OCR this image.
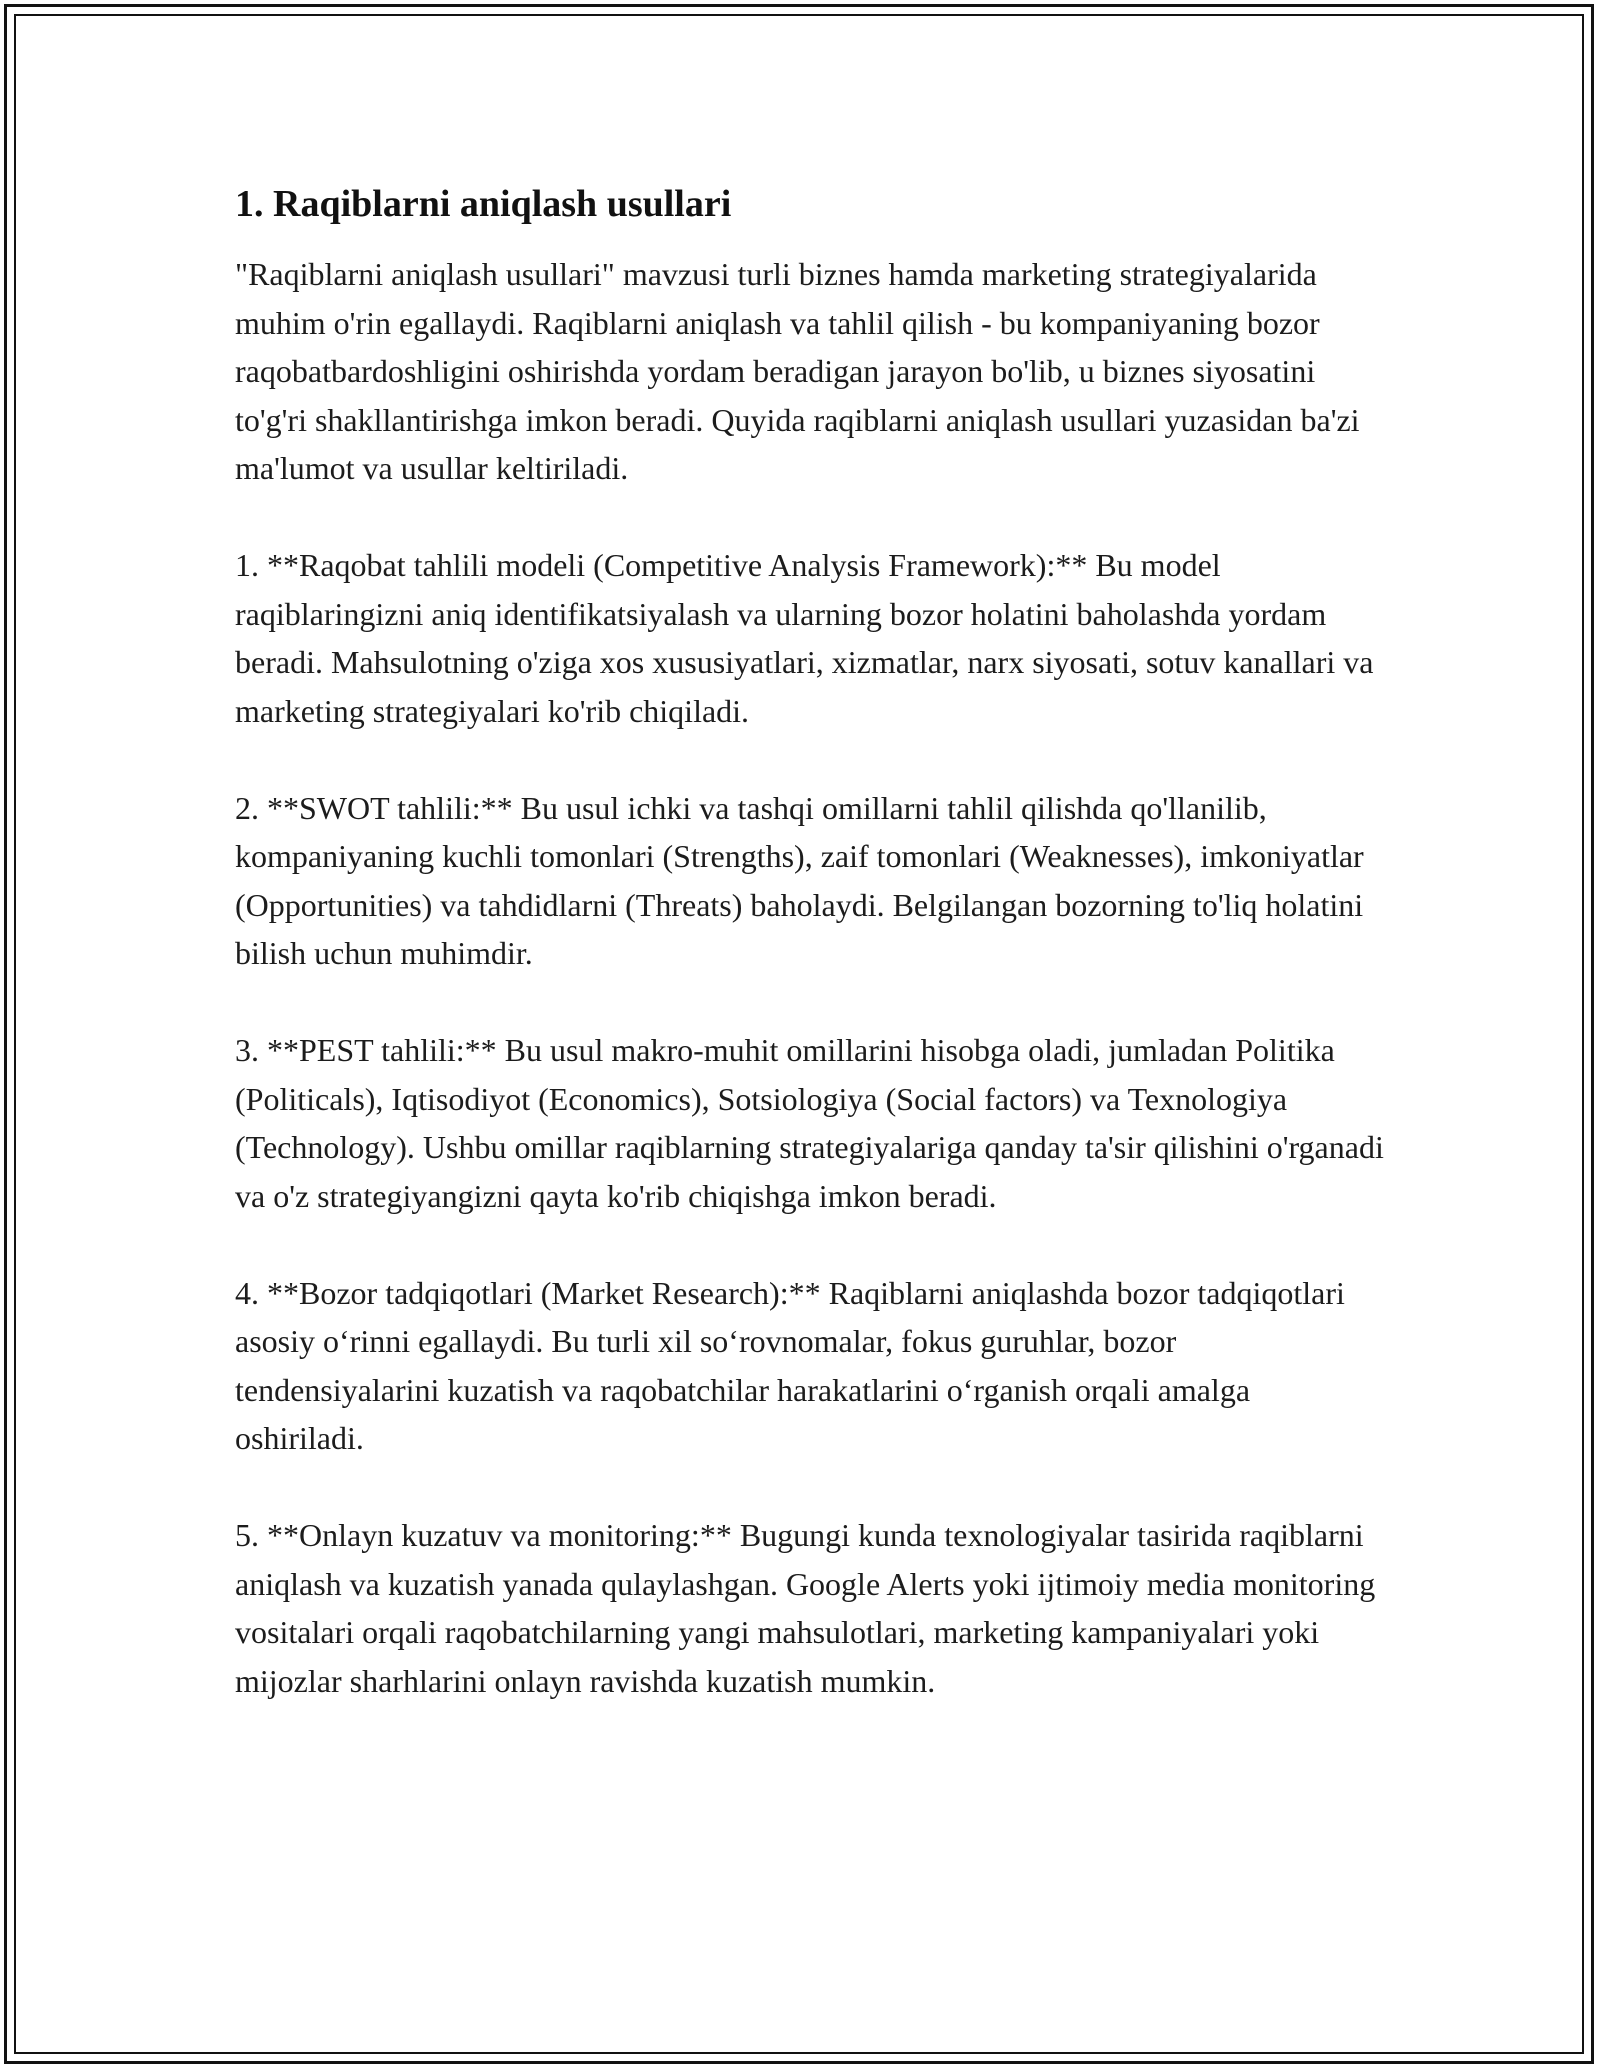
1. Raqiblarni aniqlash usullari

"Raqiblarni aniqlash usullari" mavzusi turli biznes hamda marketing strategiyalarida muhim o'rin egallaydi. Raqiblarni aniqlash va tahlil qilish - bu kompaniyaning bozor raqobatbardoshligini oshirishda yordam beradigan jarayon bo'lib, u biznes siyosatini to'g'ri shakllantirishga imkon beradi. Quyida raqiblarni aniqlash usullari yuzasidan ba'zi ma'lumot va usullar keltiriladi.

1. **Raqobat tahlili modeli (Competitive Analysis Framework):** Bu model raqiblaringizni aniq identifikatsiyalash va ularning bozor holatini baholashda yordam beradi. Mahsulotning o'ziga xos xususiyatlari, xizmatlar, narx siyosati, sotuv kanallari va marketing strategiyalari ko'rib chiqiladi.

2. **SWOT tahlili:** Bu usul ichki va tashqi omillarni tahlil qilishda qo'llanilib, kompaniyaning kuchli tomonlari (Strengths), zaif tomonlari (Weaknesses), imkoniyatlar (Opportunities) va tahdidlarni (Threats) baholaydi. Belgilangan bozorning to'liq holatini bilish uchun muhimdir.

3. **PEST tahlili:** Bu usul makro-muhit omillarini hisobga oladi, jumladan Politika (Politicals), Iqtisodiyot (Economics), Sotsiologiya (Social factors) va Texnologiya (Technology). Ushbu omillar raqiblarning strategiyalariga qanday ta'sir qilishini o'rganadi va o'z strategiyangizni qayta ko'rib chiqishga imkon beradi.

4. **Bozor tadqiqotlari (Market Research):** Raqiblarni aniqlashda bozor tadqiqotlari asosiy o‘rinni egallaydi. Bu turli xil so‘rovnomalar, fokus guruhlar, bozor tendensiyalarini kuzatish va raqobatchilar harakatlarini o‘rganish orqali amalga oshiriladi.

5. **Onlayn kuzatuv va monitoring:** Bugungi kunda texnologiyalar tasirida raqiblarni aniqlash va kuzatish yanada qulaylashgan. Google Alerts yoki ijtimoiy media monitoring vositalari orqali raqobatchilarning yangi mahsulotlari, marketing kampaniyalari yoki mijozlar sharhlarini onlayn ravishda kuzatish mumkin.
